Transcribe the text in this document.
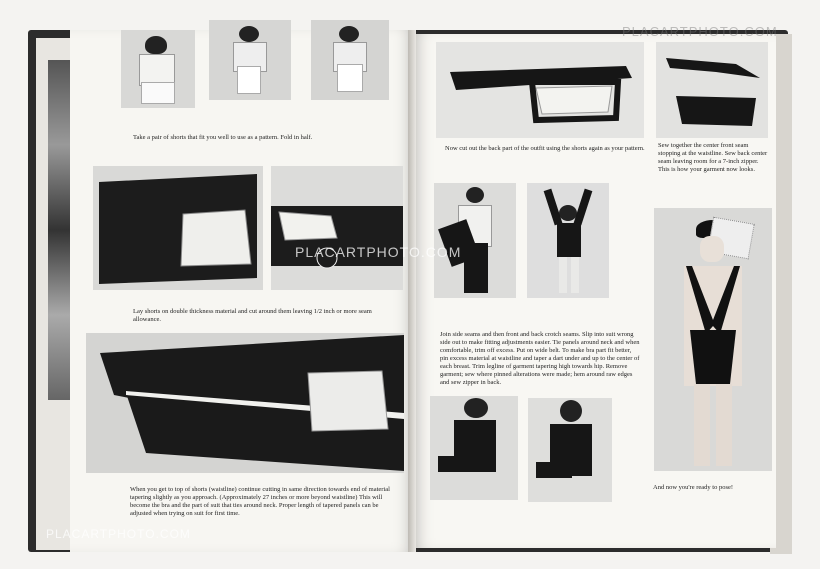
Take a pair of shorts that fit you well to use as a pattern. Fold in half.
Lay shorts on double thickness material and cut around them leaving 1/2 inch or more seam allowance.
When you get to top of shorts (waistline) continue cutting in same direction towards end of material tapering slightly as you approach. (Approximately 27 inches or more beyond waistline) This will become the bra and the part of suit that ties around neck. Proper length of tapered panels can be adjusted when trying on suit for first time.
Now cut out the back part of the outfit using the shorts again as your pattern. Sew together the center front seam stopping at the waistline. Sew back center seam leaving room for a 7-inch zipper. This is how your garment now looks.
Join side seams and then front and back crotch seams. Slip into suit wrong side out to make fitting adjustments easier. Tie panels around neck and when comfortable, trim off excess. Put on wide belt. To make bra part fit better, pin excess material at waistline and taper a dart under and up to the center of each breast. Trim legline of garment tapering high towards hip. Remove garment; sew where pinned alterations were made; hem around raw edges and sew zipper in back.
And now you're ready to pose!
PLACARTPHOTO.COM
PLACARTPHOTO.COM
PLACARTPHOTO.COM
